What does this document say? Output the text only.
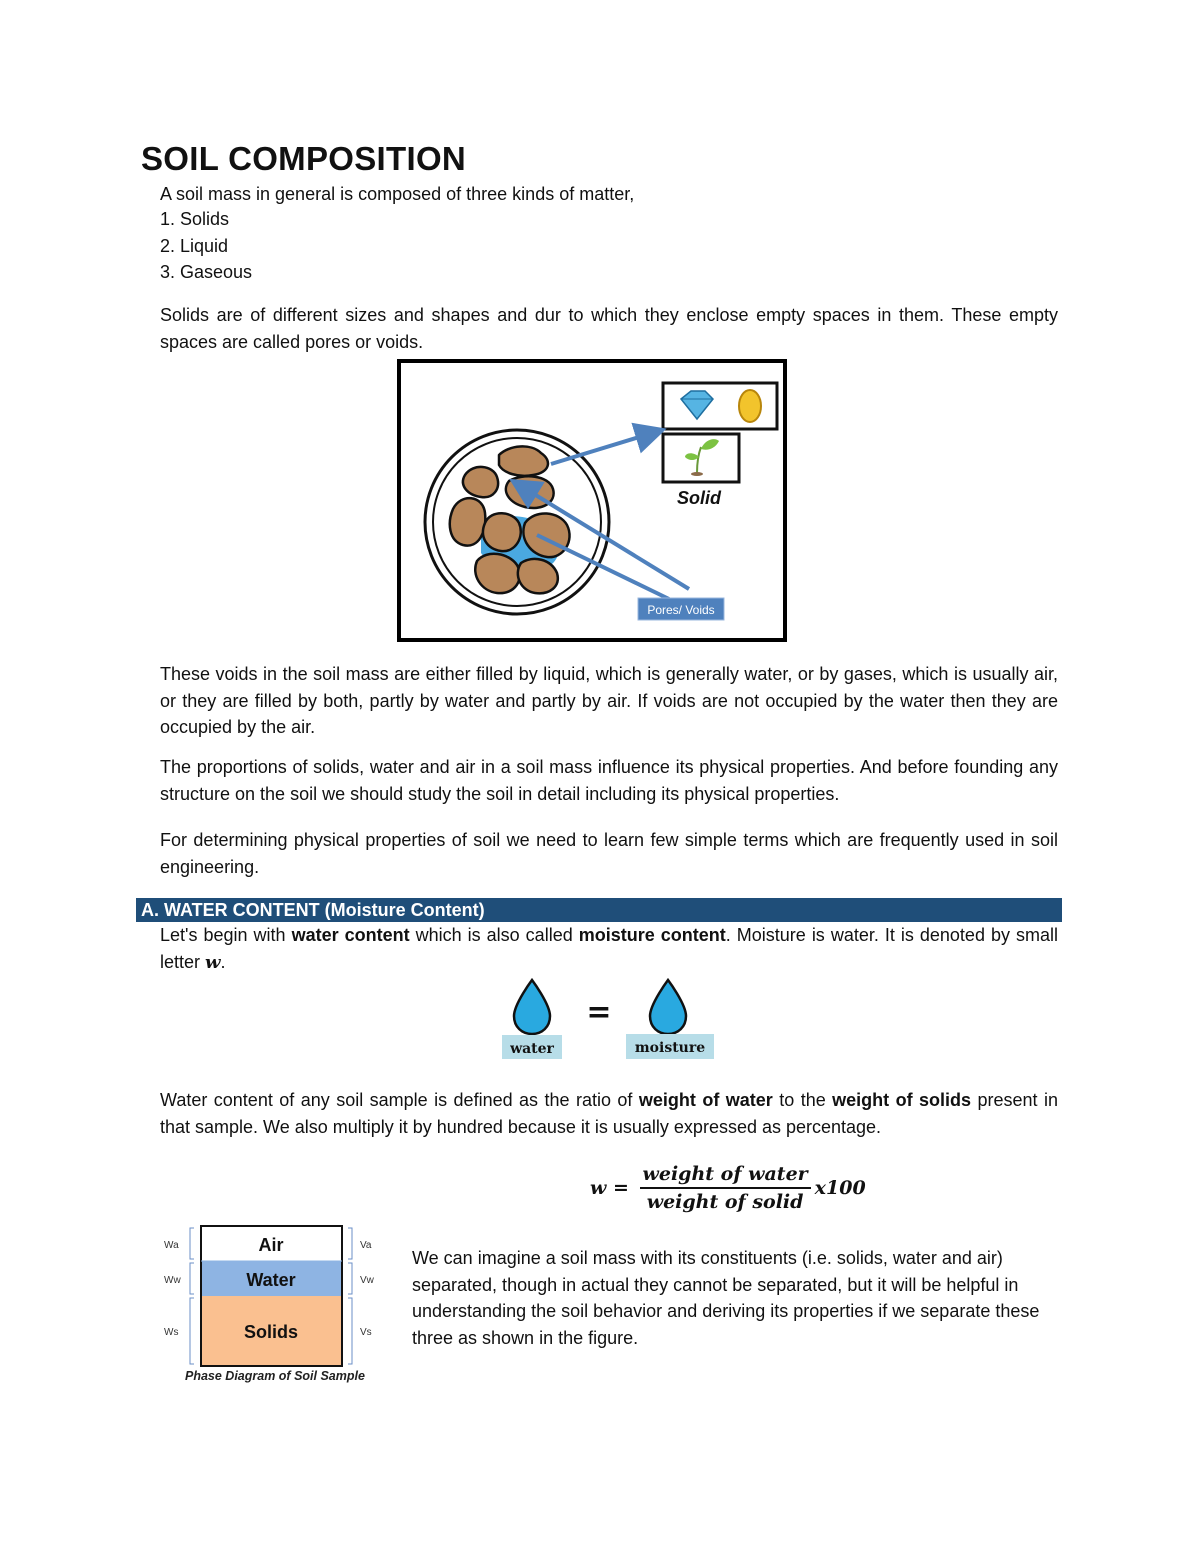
SOIL COMPOSITION
A soil mass in general is composed of three kinds of matter,
1. Solids
2. Liquid
3. Gaseous
Solids are of different sizes and shapes and dur to which they enclose empty spaces in them. These empty spaces are called pores or voids.
Solid
Pores/ Voids
These voids in the soil mass are either filled by liquid, which is generally water, or by gases, which is usually air, or they are filled by both, partly by water and partly by air. If voids are not occupied by the water then they are occupied by the air.
The proportions of solids, water and air in a soil mass influence its physical properties. And before founding any structure on the soil we should study the soil in detail including its physical properties.
For determining physical properties of soil we need to learn few simple terms which are frequently used in soil engineering.
A. WATER CONTENT (Moisture Content)
Let's begin with water content which is also called moisture content. Moisture is water. It is denoted by small letter w.
water
=
moisture
Water content of any soil sample is defined as the ratio of weight of water to the weight of solids present in that sample. We also multiply it by hundred because it is usually expressed as percentage.
$w = \frac{\text{weight of water}}{\text{weight of solid}} x100$
Air
Water
Solids
Wa
Ww
Ws
Va
Vw
Vs
Phase Diagram of Soil Sample
We can imagine a soil mass with its constituents (i.e. solids, water and air) separated, though in actual they cannot be separated, but it will be helpful in understanding the soil behavior and deriving its properties if we separate these three as shown in the figure.
